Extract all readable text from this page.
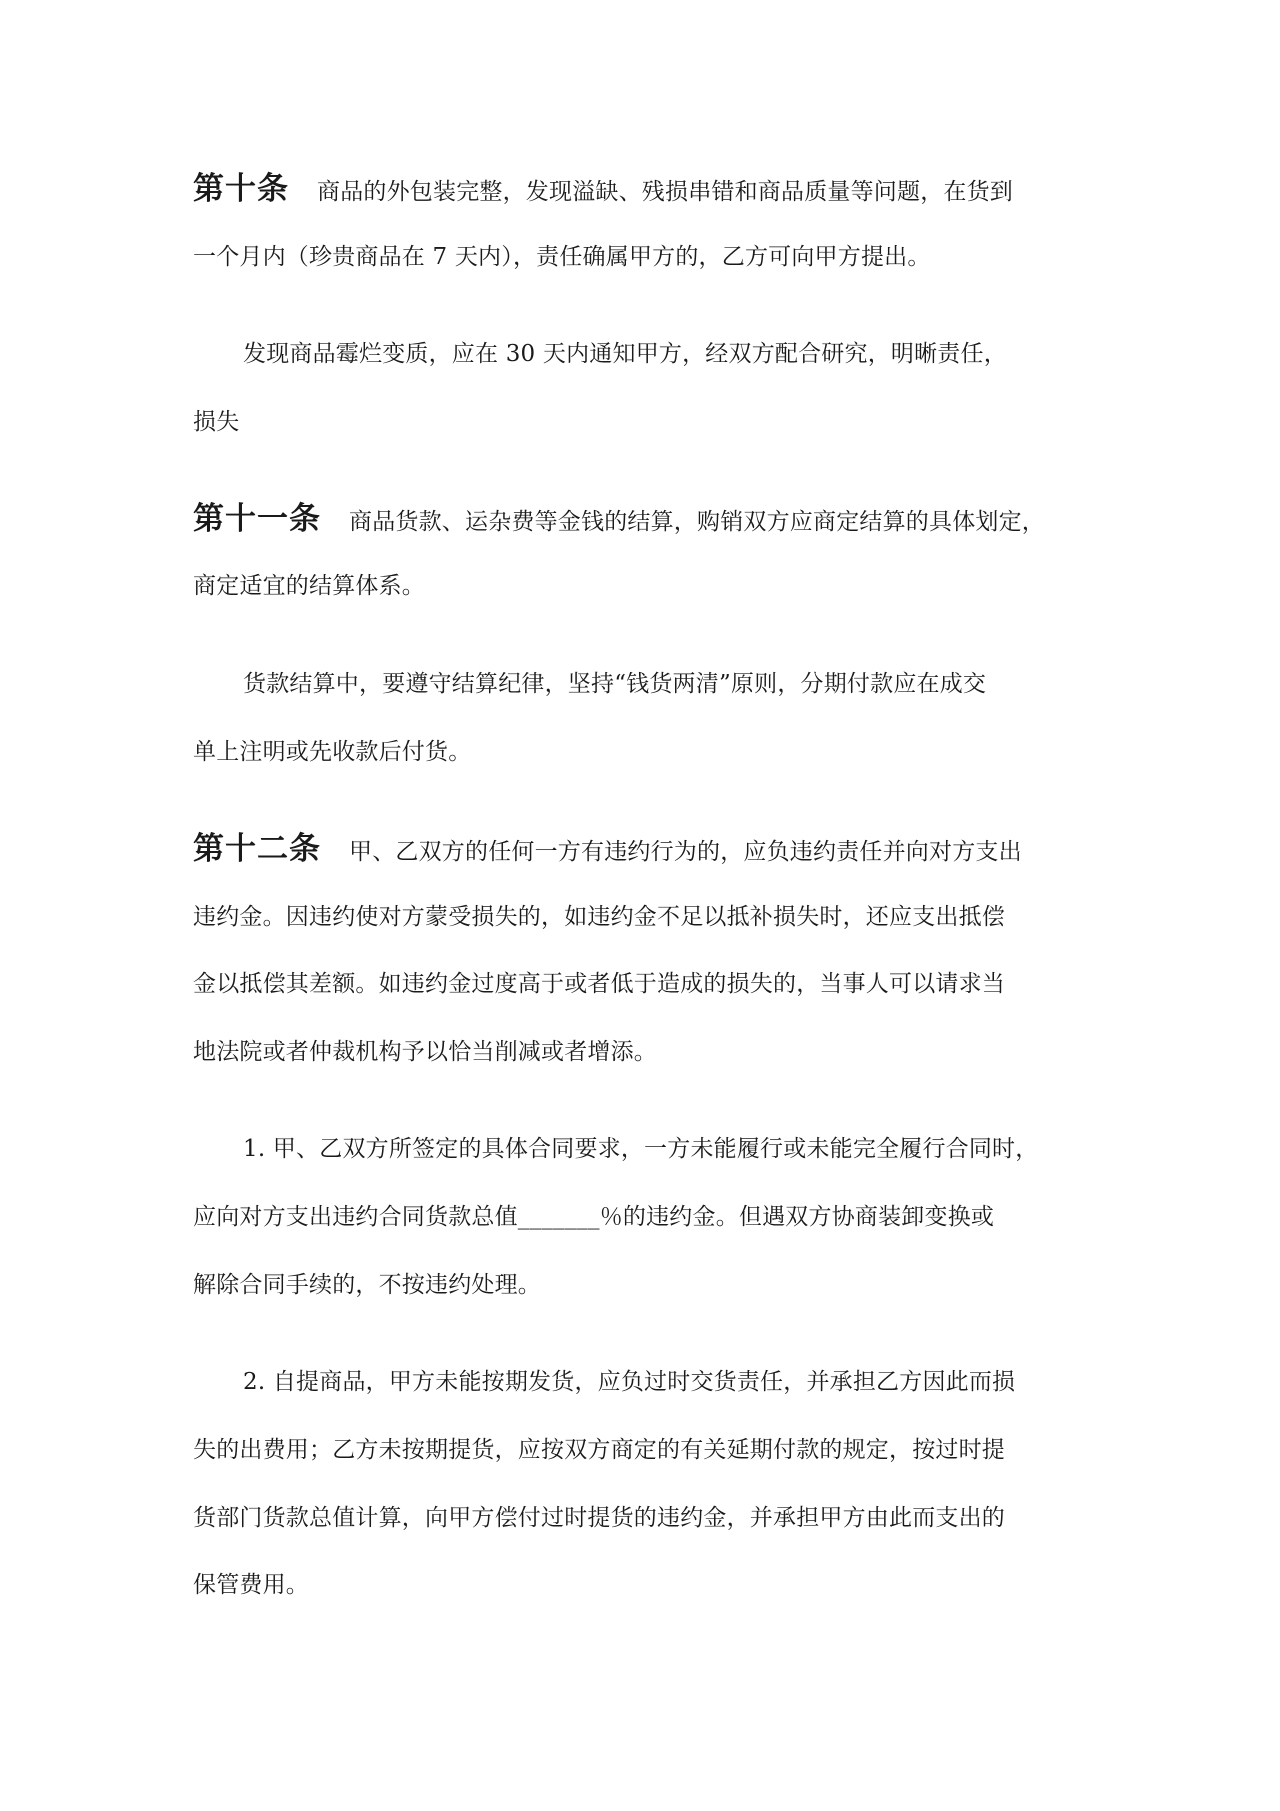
第十条 商品的外包装完整，发现溢缺、残损串错和商品质量等问题，在货到
一个月内（珍贵商品在 7 天内），责任确属甲方的，乙方可向甲方提出。
发现商品霉烂变质，应在 30 天内通知甲方，经双方配合研究，明晰责任，
损失
第十一条 商品货款、运杂费等金钱的结算，购销双方应商定结算的具体划定，
商定适宜的结算体系。
货款结算中，要遵守结算纪律，坚持“钱货两清”原则，分期付款应在成交
单上注明或先收款后付货。
第十二条 甲、乙双方的任何一方有违约行为的，应负违约责任并向对方支出
违约金。因违约使对方蒙受损失的，如违约金不足以抵补损失时，还应支出抵偿
金以抵偿其差额。如违约金过度高于或者低于造成的损失的，当事人可以请求当
地法院或者仲裁机构予以恰当削减或者增添。
1. 甲、乙双方所签定的具体合同要求，一方未能履行或未能完全履行合同时，
应向对方支出违约合同货款总值_______％的违约金。但遇双方协商装卸变换或
解除合同手续的，不按违约处理。
2. 自提商品，甲方未能按期发货，应负过时交货责任，并承担乙方因此而损
失的出费用；乙方未按期提货，应按双方商定的有关延期付款的规定，按过时提
货部门货款总值计算，向甲方偿付过时提货的违约金，并承担甲方由此而支出的
保管费用。
